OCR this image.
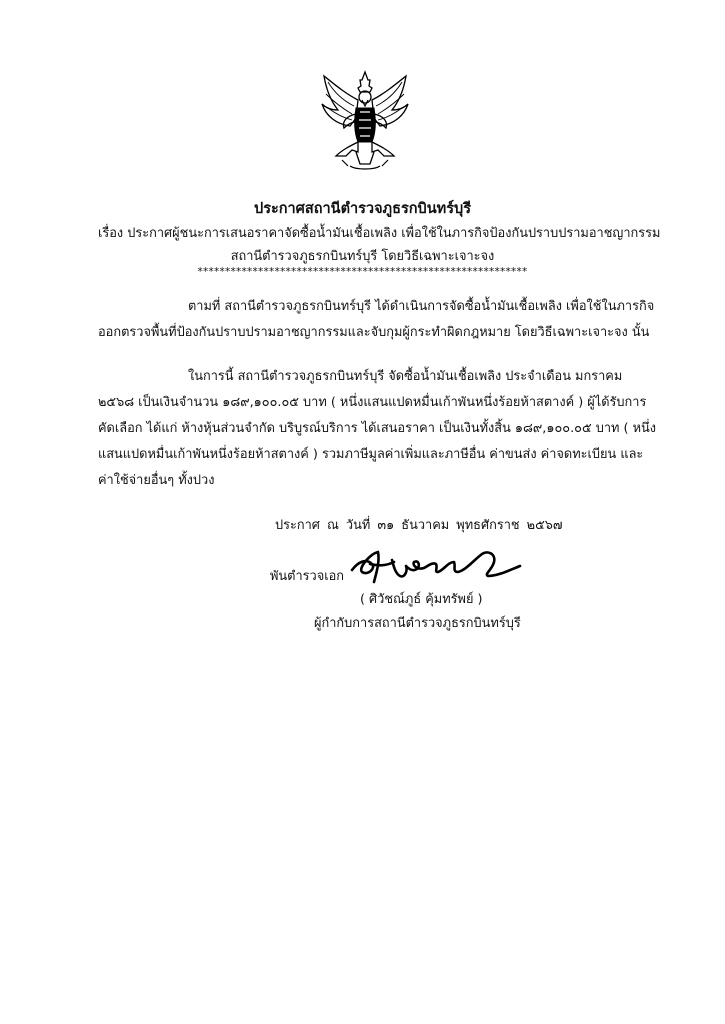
ประกาศสถานีตำรวจภูธรกบินทร์บุรี
เรื่อง ประกาศผู้ชนะการเสนอราคาจัดซื้อน้ำมันเชื้อเพลิง เพื่อใช้ในภารกิจป้องกันปราบปรามอาชญากรรม
สถานีตำรวจภูธรกบินทร์บุรี โดยวิธีเฉพาะเจาะจง
************************************************************
ตามที่ สถานีตำรวจภูธรกบินทร์บุรี ได้ดำเนินการจัดซื้อน้ำมันเชื้อเพลิง เพื่อใช้ในภารกิจออกตรวจพื้นที่ป้องกันปราบปรามอาชญากรรมและจับกุมผู้กระทำผิดกฎหมาย โดยวิธีเฉพาะเจาะจง นั้น
ในการนี้ สถานีตำรวจภูธรกบินทร์บุรี จัดซื้อน้ำมันเชื้อเพลิง ประจำเดือน มกราคม ๒๕๖๘ เป็นเงินจำนวน ๑๘๙,๑๐๐.๐๕ บาท ( หนึ่งแสนแปดหมื่นเก้าพันหนึ่งร้อยห้าสตางค์ ) ผู้ได้รับการคัดเลือก ได้แก่ ห้างหุ้นส่วนจำกัด บริบูรณ์บริการ ได้เสนอราคา เป็นเงินทั้งสิ้น ๑๘๙,๑๐๐.๐๕ บาท ( หนึ่งแสนแปดหมื่นเก้าพันหนึ่งร้อยห้าสตางค์ ) รวมภาษีมูลค่าเพิ่มและภาษีอื่น ค่าขนส่ง ค่าจดทะเบียน และค่าใช้จ่ายอื่นๆ ทั้งปวง
ประกาศ ณ วันที่ ๓๑ ธันวาคม พุทธศักราช ๒๕๖๗
พันตำรวจเอก
( ศิวัชณ์ภูธ์ คุ้มทรัพย์ )
ผู้กำกับการสถานีตำรวจภูธรกบินทร์บุรี
